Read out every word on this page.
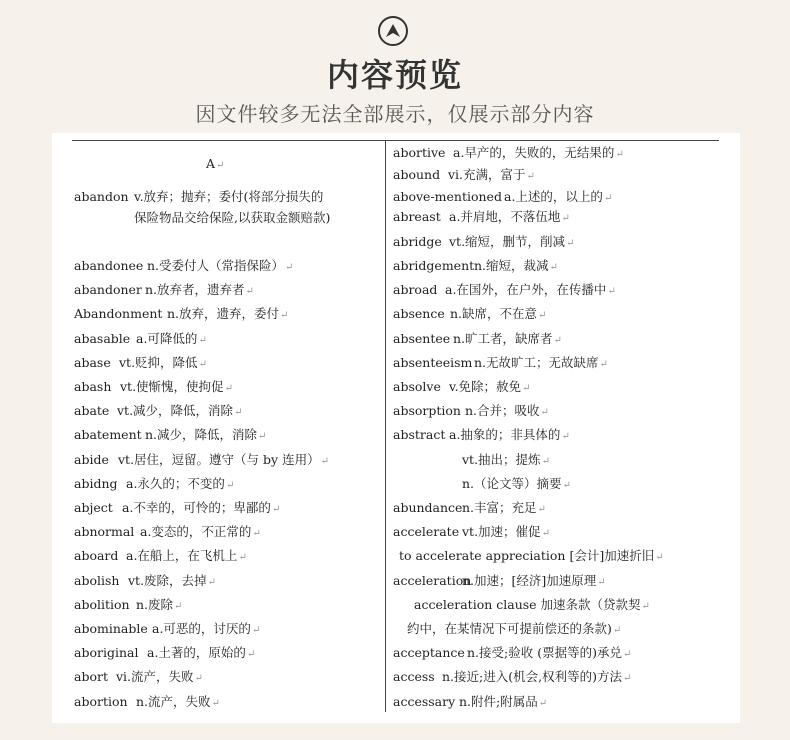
内容预览
因文件较多无法全部展示，仅展示部分内容
A↵
abandon v.放弃；抛弃；委付(将部分损失的保险物品交给保险,以获取金额赔款)
abandonee n.受委付人（常指保险）↵
abandoner n.放弃者，遗弃者↵
Abandonment n.放弃，遗弃，委付↵
abasable a.可降低的↵
abase vt.贬抑，降低↵
abash vt.使惭愧，使拘促↵
abate vt.减少，降低，消除↵
abatement n.减少，降低，消除↵
abide vt.居住，逗留。遵守（与 by 连用）↵
abidng a.永久的；不变的↵
abject a.不幸的，可怜的；卑鄙的↵
abnormal a.变态的，不正常的↵
aboard a.在船上，在飞机上↵
abolish vt.废除，去掉↵
abolition n.废除↵
abominable a.可恶的，讨厌的↵
aboriginal a.土著的，原始的↵
abort vi.流产，失败↵
abortion n.流产，失败↵
abortive a.早产的，失败的，无结果的↵
abound vi.充满，富于↵
above-mentioned a.上述的，以上的↵
abreast a.并肩地，不落伍地↵
abridge vt.缩短，删节，削减↵
abridgementn.缩短，裁减↵
abroad a.在国外，在户外，在传播中↵
absence n.缺席，不在意↵
absentee n.旷工者，缺席者↵
absenteeism n.无故旷工；无故缺席↵
absolve v.免除；赦免↵
absorption n.合并；吸收↵
abstract a.抽象的；非具体的↵
vt.抽出；提炼↵
n.（论文等）摘要↵
abundancen.丰富；充足↵
accelerate vt.加速；催促↵
to accelerate appreciation [会计]加速折旧↵
accelerationn.加速；[经济]加速原理↵
acceleration clause 加速条款（贷款契↵
约中，在某情况下可提前偿还的条款)↵
acceptance n.接受;验收 (票据等的)承兑↵
access n.接近;进入(机会,权利等的)方法↵
accessary n.附件;附属品↵
